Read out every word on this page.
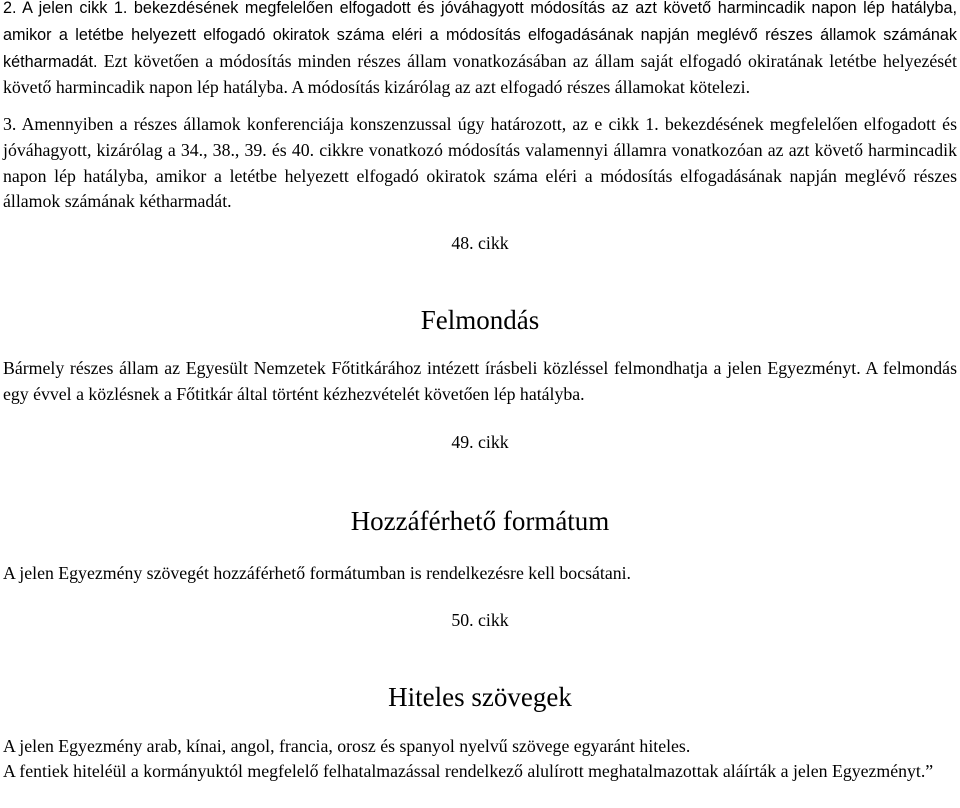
2. A jelen cikk 1. bekezdésének megfelelően elfogadott és jóváhagyott módosítás az azt követő harmincadik napon lép hatályba, amikor a letétbe helyezett elfogadó okiratok száma eléri a módosítás elfogadásának napján meglévő részes államok számának kétharmadát. Ezt követően a módosítás minden részes állam vonatkozásában az állam saját elfogadó okiratának letétbe helyezését követő harmincadik napon lép hatályba. A módosítás kizárólag az azt elfogadó részes államokat kötelezi.

3. Amennyiben a részes államok konferenciája konszenzussal úgy határozott, az e cikk 1. bekezdésének megfelelően elfogadott és jóváhagyott, kizárólag a 34., 38., 39. és 40. cikkre vonatkozó módosítás valamennyi államra vonatkozóan az azt követő harmincadik napon lép hatályba, amikor a letétbe helyezett elfogadó okiratok száma eléri a módosítás elfogadásának napján meglévő részes államok számának kétharmadát.

48. cikk

Felmondás

Bármely részes állam az Egyesült Nemzetek Főtitkárához intézett írásbeli közléssel felmondhatja a jelen Egyezményt. A felmondás egy évvel a közlésnek a Főtitkár által történt kézhezvételét követően lép hatályba.

49. cikk

Hozzáférhető formátum

A jelen Egyezmény szövegét hozzáférhető formátumban is rendelkezésre kell bocsátani.

50. cikk

Hiteles szövegek

A jelen Egyezmény arab, kínai, angol, francia, orosz és spanyol nyelvű szövege egyaránt hiteles.

A fentiek hiteléül a kormányuktól megfelelő felhatalmazással rendelkező alulírott meghatalmazottak aláírták a jelen Egyezményt.”
